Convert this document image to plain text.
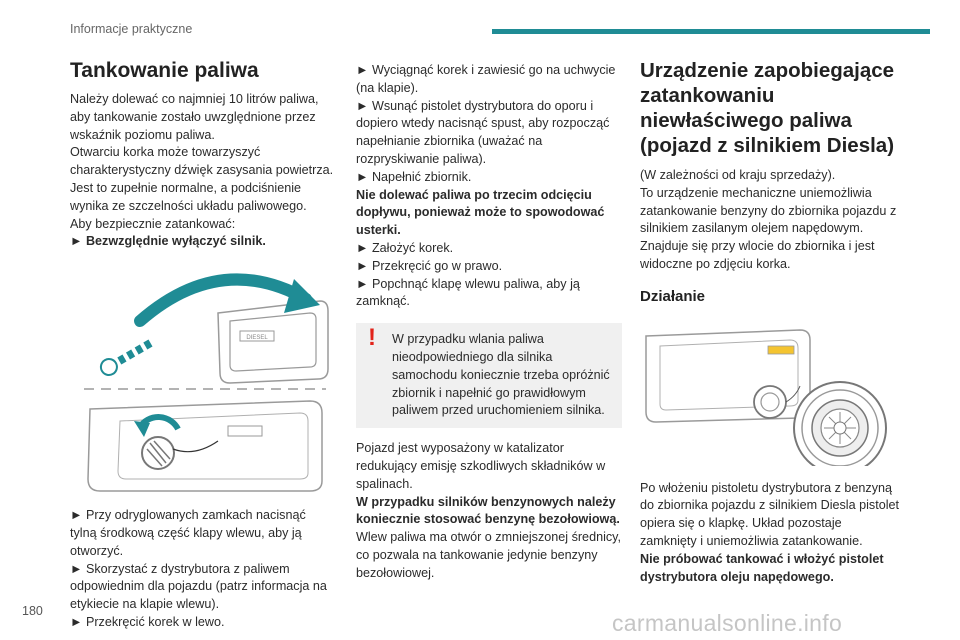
Informacje praktyczne
Tankowanie paliwa

Należy dolewać co najmniej 10 litrów paliwa, aby tankowanie zostało uwzględnione przez wskaźnik poziomu paliwa.

Otwarciu korka może towarzyszyć charakterystyczny dźwięk zasysania powietrza. Jest to zupełnie normalne, a podciśnienie wynika ze szczelności układu paliwowego.

Aby bezpiecznie zatankować:

► Bezwzględnie wyłączyć silnik.

DIESEL

► Przy odryglowanych zamkach nacisnąć tylną środkową część klapy wlewu, aby ją otworzyć.

► Skorzystać z dystrybutora z paliwem odpowiednim dla pojazdu (patrz informacja na etykiecie na klapie wlewu).

► Przekręcić korek w lewo.

► Wyciągnąć korek i zawiesić go na uchwycie (na klapie).

► Wsunąć pistolet dystrybutora do oporu i dopiero wtedy nacisnąć spust, aby rozpocząć napełnianie zbiornika (uważać na rozpryskiwanie paliwa).

► Napełnić zbiornik.

Nie dolewać paliwa po trzecim odcięciu dopływu, ponieważ może to spowodować usterki.

► Założyć korek.

► Przekręcić go w prawo.

► Popchnąć klapę wlewu paliwa, aby ją zamknąć.

! W przypadku wlania paliwa nieodpowiedniego dla silnika samochodu koniecznie trzeba opróżnić zbiornik i napełnić go prawidłowym paliwem przed uruchomieniem silnika.

Pojazd jest wyposażony w katalizator redukujący emisję szkodliwych składników w spalinach.

W przypadku silników benzynowych należy koniecznie stosować benzynę bezołowiową.

Wlew paliwa ma otwór o zmniejszonej średnicy, co pozwala na tankowanie jedynie benzyny bezołowiowej.

Urządzenie zapobiegające zatankowaniu niewłaściwego paliwa (pojazd z silnikiem Diesla)

(W zależności od kraju sprzedaży).

To urządzenie mechaniczne uniemożliwia zatankowanie benzyny do zbiornika pojazdu z silnikiem zasilanym olejem napędowym. Znajduje się przy wlocie do zbiornika i jest widoczne po zdjęciu korka.

Działanie

Po włożeniu pistoletu dystrybutora z benzyną do zbiornika pojazdu z silnikiem Diesla pistolet opiera się o klapkę. Układ pozostaje zamknięty i uniemożliwia zatankowanie.

Nie próbować tankować i włożyć pistolet dystrybutora oleju napędowego.

180	carmanualsonline.info
